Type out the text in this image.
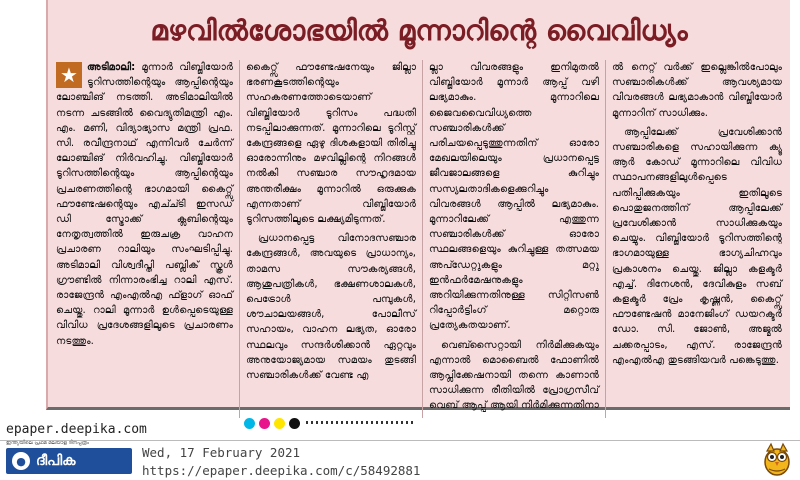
മഴവിൽശോഭയിൽ മൂന്നാറിന്റെ വൈവിധ്യം

★ അടിമാലി: മൂന്നാർ വിബ്ജിയോർ ടൂറിസത്തിന്റെയും ആപ്പിന്റെയും ലോഞ്ചിങ് നടത്തി. അടിമാലിയിൽ നടന്ന ചടങ്ങിൽ വൈദ്യുതിമന്ത്രി എം. എം. മണി, വിദ്യാഭ്യാസ മന്ത്രി പ്രഫ. സി. രവീന്ദ്രനാഥ് എന്നിവർ ചേർന്ന് ലോഞ്ചിങ് നിർവഹിച്ചു. വിബ്ജിയോർ ടൂറിസത്തിന്റെയും ആപ്പിന്റെയും പ്രചരണത്തിന്റെ ഭാഗമായി കൈറ്റ്സ് ഫൗണ്ടേഷന്റെയും എച്ച്ടി ഇസഡ് ഡി സ്ട്രോക്ക് ക്ലബിന്റെയും നേതൃത്വത്തിൽ ഇരുചക്ര വാഹന പ്രചാരണ റാലിയും സംഘടിപ്പിച്ചു. അടിമാലി വിശ്വദീപ്തി പബ്ലിക് സ്കൂൾ ഗ്രൗണ്ടിൽ നിന്നാരംഭിച്ച റാലി എസ്. രാജേന്ദ്രൻ എംഎൽഎ ഫ്ളാഗ് ഓഫ് ചെയ്തു. റാലി മൂന്നാർ ഉൾപ്പെടെയുള്ള വിവിധ പ്രദേശങ്ങളിലൂടെ പ്രചാരണം നടത്തും.

കൈറ്റ്സ് ഫൗണ്ടേഷനേയും ജില്ലാ ഭരണകൂടത്തിന്റെയും സഹകരണത്തോടെയാണ് വിബ്ജിയോർ ടൂറിസം പദ്ധതി നടപ്പിലാക്കുന്നത്. മൂന്നാറിലെ ടൂറിസ്റ്റ് കേന്ദ്രങ്ങളെ ഏഴു ദിശകളായി തിരിച്ചു ഓരോന്നിനും മഴവില്ലിന്റെ നിറങ്ങൾ നൽകി സഞ്ചാര സൗഹൃദമായ അന്തരീക്ഷം മൂന്നാറിൽ ഒരുക്കുക എന്നതാണ് വിബ്ജിയോർ ടൂറിസത്തിലൂടെ ലക്ഷ്യമിടുന്നത്.

പ്രധാനപ്പെട്ട വിനോദസഞ്ചാര കേന്ദ്രങ്ങൾ, അവയുടെ പ്രാധാന്യം, താമസ സൗകര്യങ്ങൾ, ആശുപത്രികൾ, ഭക്ഷണശാലകൾ, പെട്രോൾ പമ്പുകൾ, ശൗചാലയങ്ങൾ, പോലീസ് സഹായം, വാഹന ലഭ്യത, ഓരോ സ്ഥലവും സന്ദർശിക്കാൻ ഏറ്റവും അനുയോജ്യമായ സമയം തുടങ്ങി സഞ്ചാരികൾക്ക് വേണ്ട എ

ല്ലാ വിവരങ്ങളും ഇനിമുതൽ വിബ്ജിയോർ മൂന്നാർ ആപ്പ് വഴി ലഭ്യമാകും. മൂന്നാറിലെ ജൈവവൈവിധ്യത്തെ സഞ്ചാരികൾക്ക് പരിചയപ്പെടുത്തുന്നതിന് ഓരോ മേഖലയിലെയും പ്രധാനപ്പെട്ട ജീവജാലങ്ങളെ കുറിച്ചും സസ്യലതാദികളെക്കുറിച്ചും വിവരങ്ങൾ ആപ്പിൽ ലഭ്യമാകും. മൂന്നാറിലേക്ക് എത്തുന്ന സഞ്ചാരികൾക്ക് ഓരോ സ്ഥലങ്ങളെയും കുറിച്ചുള്ള തത്സമയ അപ്ഡേറ്റുകളും മറ്റു ഇൻഫർമേഷനുകളും അറിയിക്കുന്നതിനുള്ള സിറ്റിസൺ റിപ്പോർട്ടിംഗ് മറ്റൊരു പ്രത്യേകതയാണ്.

വെബ്സൈറ്റായി നിർമിക്കുകയും എന്നാൽ മൊബൈൽ ഫോണിൽ ആപ്ലിക്കേഷനായി തന്നെ കാണാൻ സാധിക്കുന്ന രീതിയിൽ പ്രോഗ്രസീവ് വെബ് ആപ്പ് ആയി നിർമിക്കുന്നതിനാ

ൽ നെറ്റ് വർക്ക് ഇല്ലെങ്കിൽപോലും സഞ്ചാരികൾക്ക് ആവശ്യമായ വിവരങ്ങൾ ലഭ്യമാകാൻ വിബ്ജിയോർ മൂന്നാറിന് സാധിക്കും.

ആപ്പിലേക്ക് പ്രവേശിക്കാൻ സഞ്ചാരികളെ സഹായിക്കുന്ന ക്യൂ ആർ കോഡ് മൂന്നാറിലെ വിവിധ സ്ഥാപനങ്ങളിലുൾപ്പെടെ പതിപ്പിക്കുകയും ഇതിലൂടെ പൊതുജനത്തിന് ആപ്പിലേക്ക് പ്രവേശിക്കാൻ സാധിക്കുകയും ചെയ്യും. വിബ്ജിയോർ ടൂറിസത്തിന്റെ ഭാഗമായുള്ള ഭാഗ്യചിഹ്നവും പ്രകാശനം ചെയ്തു. ജില്ലാ കളക്ടർ എച്ച്. ദിനേശൻ, ദേവികുളം സബ് കളക്ടർ പ്രേം കൃഷ്ണൻ, കൈറ്റ്സ് ഫൗണ്ടേഷൻ മാനേജിംഗ് ഡയറക്ടർ ഡോ. സി. ജോൺ, അജ്മൽ ചക്കരപ്പാടം, എസ്. രാജേന്ദ്രൻ എംഎൽഎ തുടങ്ങിയവർ പങ്കെടുത്തു.

epaper.deepika.com
● ദീപിക
ഇന്ത്യയിലെ പ്രഥമ മലയാള ദിനപ്പത്രം
Wed, 17 February 2021
https://epaper.deepika.com/c/58492881
